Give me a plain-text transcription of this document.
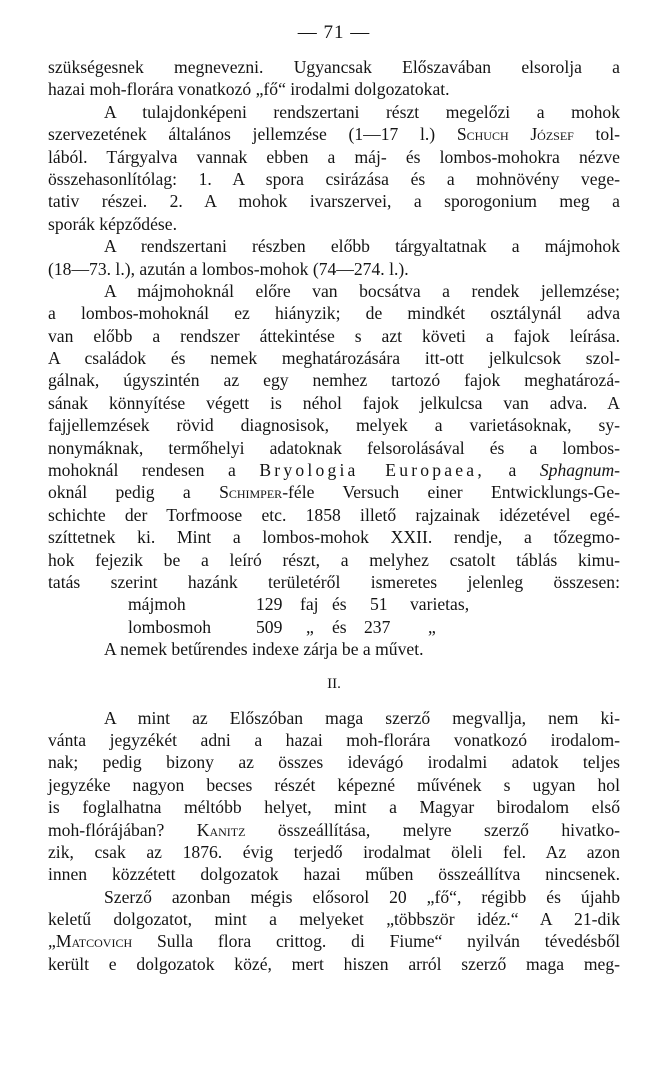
— 71 —
szükségesnek megnevezni. Ugyancsak Előszavában elsorolja a
hazai moh-florára vonatkozó „fő“ irodalmi dolgozatokat.
A tulajdonképeni rendszertani részt megelőzi a mohok
szervezetének általános jellemzése (1—17 l.) Schuch József tol-
lából. Tárgyalva vannak ebben a máj- és lombos-mohokra nézve
összehasonlítólag: 1. A spora csirázása és a mohnövény vege-
tativ részei. 2. A mohok ivarszervei, a sporogonium meg a
sporák képződése.
A rendszertani részben előbb tárgyaltatnak a májmohok
(18—73. l.), azután a lombos-mohok (74—274. l.).
A májmohoknál előre van bocsátva a rendek jellemzése;
a lombos-mohoknál ez hiányzik; de mindkét osztálynál adva
van előbb a rendszer áttekintése s azt követi a fajok leírása.
A családok és nemek meghatározására itt-ott jelkulcsok szol-
gálnak, úgyszintén az egy nemhez tartozó fajok meghatározá-
sának könnyítése végett is néhol fajok jelkulcsa van adva. A
fajjellemzések rövid diagnosisok, melyek a varietásoknak, sy-
nonymáknak, termőhelyi adatoknak felsorolásával és a lombos-
mohoknál rendesen a Bryologia Europaea, a Sphagnum-
oknál pedig a Schimper-féle Versuch einer Entwicklungs-Ge-
schichte der Torfmoose etc. 1858 illető rajzainak idézetével egé-
szíttetnek ki. Mint a lombos-mohok XXII. rendje, a tőzegmo-
hok fejezik be a leíró részt, a melyhez csatolt táblás kimu-
tatás szerint hazánk területéről ismeretes jelenleg összesen:
májmoh	129 faj és 51 varietas,
lombosmoh	509 „ és 237 „
A nemek betűrendes indexe zárja be a művet.
II.
A mint az Előszóban maga szerző megvallja, nem ki-
vánta jegyzékét adni a hazai moh-florára vonatkozó irodalom-
nak; pedig bizony az összes idevágó irodalmi adatok teljes
jegyzéke nagyon becses részét képezné művének s ugyan hol
is foglalhatna méltóbb helyet, mint a Magyar birodalom első
moh-flórájában? Kanitz összeállítása, melyre szerző hivatko-
zik, csak az 1876. évig terjedő irodalmat öleli fel. Az azon
innen közzétett dolgozatok hazai műben összeállítva nincsenek.
Szerző azonban mégis elősorol 20 „fő“, régibb és újahb
keletű dolgozatot, mint a melyeket „többször idéz.“ A 21-dik
„Matcovich Sulla flora crittog. di Fiume“ nyilván tévedésből
került e dolgozatok közé, mert hiszen arról szerző maga meg-
